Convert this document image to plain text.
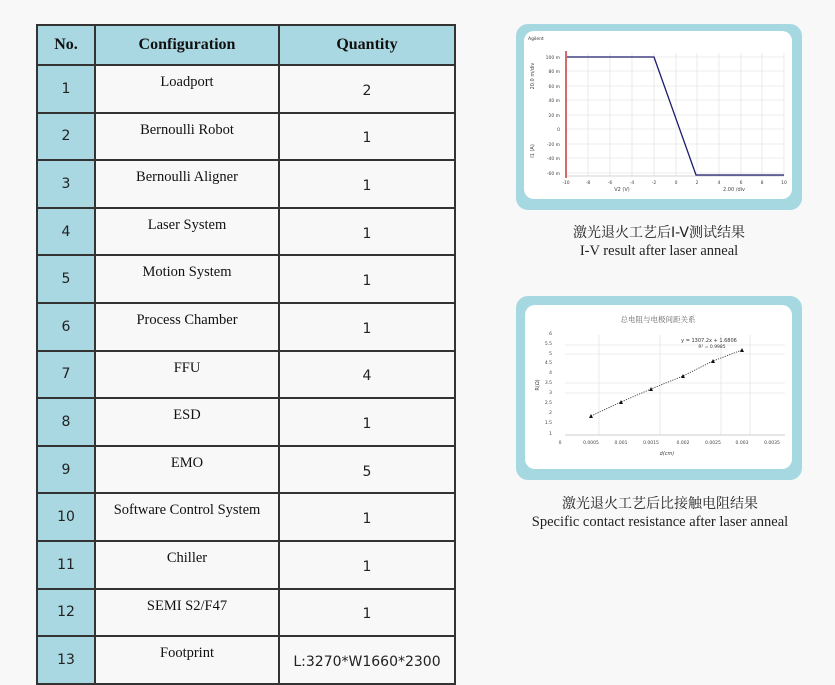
No.	Configuration	Quantity
1	Loadport	2
2	Bernoulli Robot	1
3	Bernoulli Aligner	1
4	Laser System	1
5	Motion System	1
6	Process Chamber	1
7	FFU	4
8	ESD	1
9	EMO	5
10	Software Control System	1
11	Chiller	1
12	SEMI S2/F47	1
13	Footprint	L:3270*W1660*2300
Agilent
100 m
80 m
60 m
40 m
20 m
0
-20 m
-40 m
-60 m
20.0 m/div
I1 (A)
-10	-8	-6	-4	-2	0	2	4	6	8	10
V2 (V)	2.00 /div
激光退火工艺后I-V测试结果
I-V result after laser anneal
总电阻与电极间距关系
y = 1307.2x + 1.6806
R² = 0.9985
6
5.5
5
4.5
4
3.5
3
2.5
2
1.5
1
R(Ω)
0	0.0005	0.001	0.0015	0.002	0.0025	0.003	0.0035
d(cm)
激光退火工艺后比接触电阻结果
Specific contact resistance after laser anneal
